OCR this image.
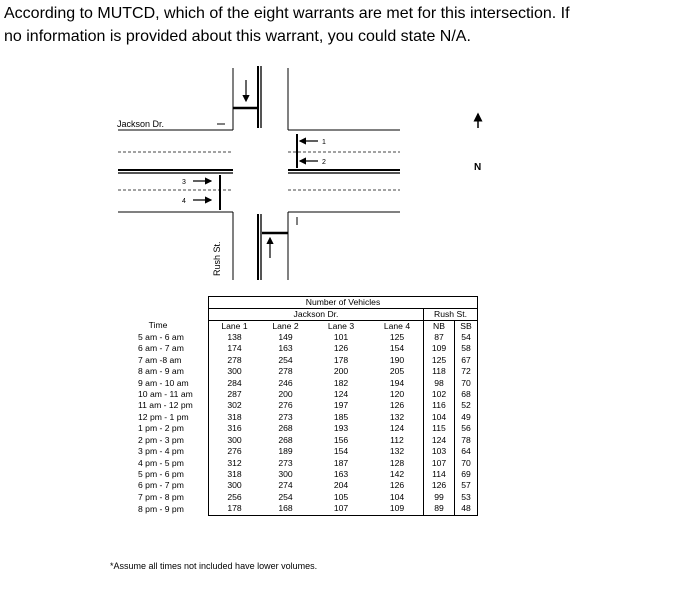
According to MUTCD, which of the eight warrants are met for this intersection. If
no information is provided about this warrant, you could state N/A.
1
2
3
4
Jackson Dr.
Rush St.
N
	Number of Vehicles					
	Jackson Dr.				Rush St.	
Time	Lane 1	Lane 2	Lane 3	Lane 4	NB	SB
5 am - 6 am	138	149	101	125	87	54
6 am - 7 am	174	163	126	154	109	58
7 am -8 am	278	254	178	190	125	67
8 am - 9 am	300	278	200	205	118	72
9 am - 10 am	284	246	182	194	98	70
10 am - 11 am	287	200	124	120	102	68
11 am - 12 pm	302	276	197	126	116	52
12 pm - 1 pm	318	273	185	132	104	49
1 pm - 2 pm	316	268	193	124	115	56
2 pm - 3 pm	300	268	156	112	124	78
3 pm - 4 pm	276	189	154	132	103	64
4 pm - 5 pm	312	273	187	128	107	70
5 pm - 6 pm	318	300	163	142	114	69
6 pm - 7 pm	300	274	204	126	126	57
7 pm - 8 pm	256	254	105	104	99	53
8 pm - 9 pm	178	168	107	109	89	48
*Assume all times not included have lower volumes.
